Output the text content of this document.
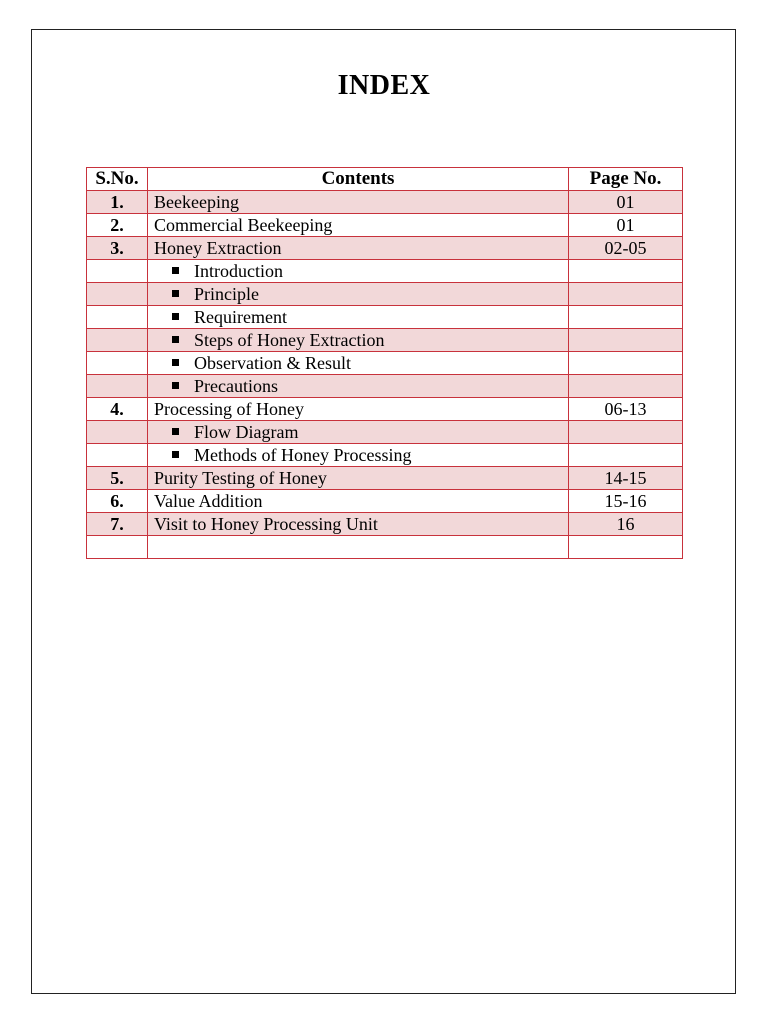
INDEX
S.No.	Contents	Page No.
1.	Beekeeping	01
2.	Commercial Beekeeping	01
3.	Honey Extraction	02-05
	Introduction	
	Principle	
	Requirement	
	Steps of Honey Extraction	
	Observation & Result	
	Precautions	
4.	Processing of Honey	06-13
	Flow Diagram	
	Methods of Honey Processing	
5.	Purity Testing of Honey	14-15
6.	Value Addition	15-16
7.	Visit to Honey Processing Unit	16
